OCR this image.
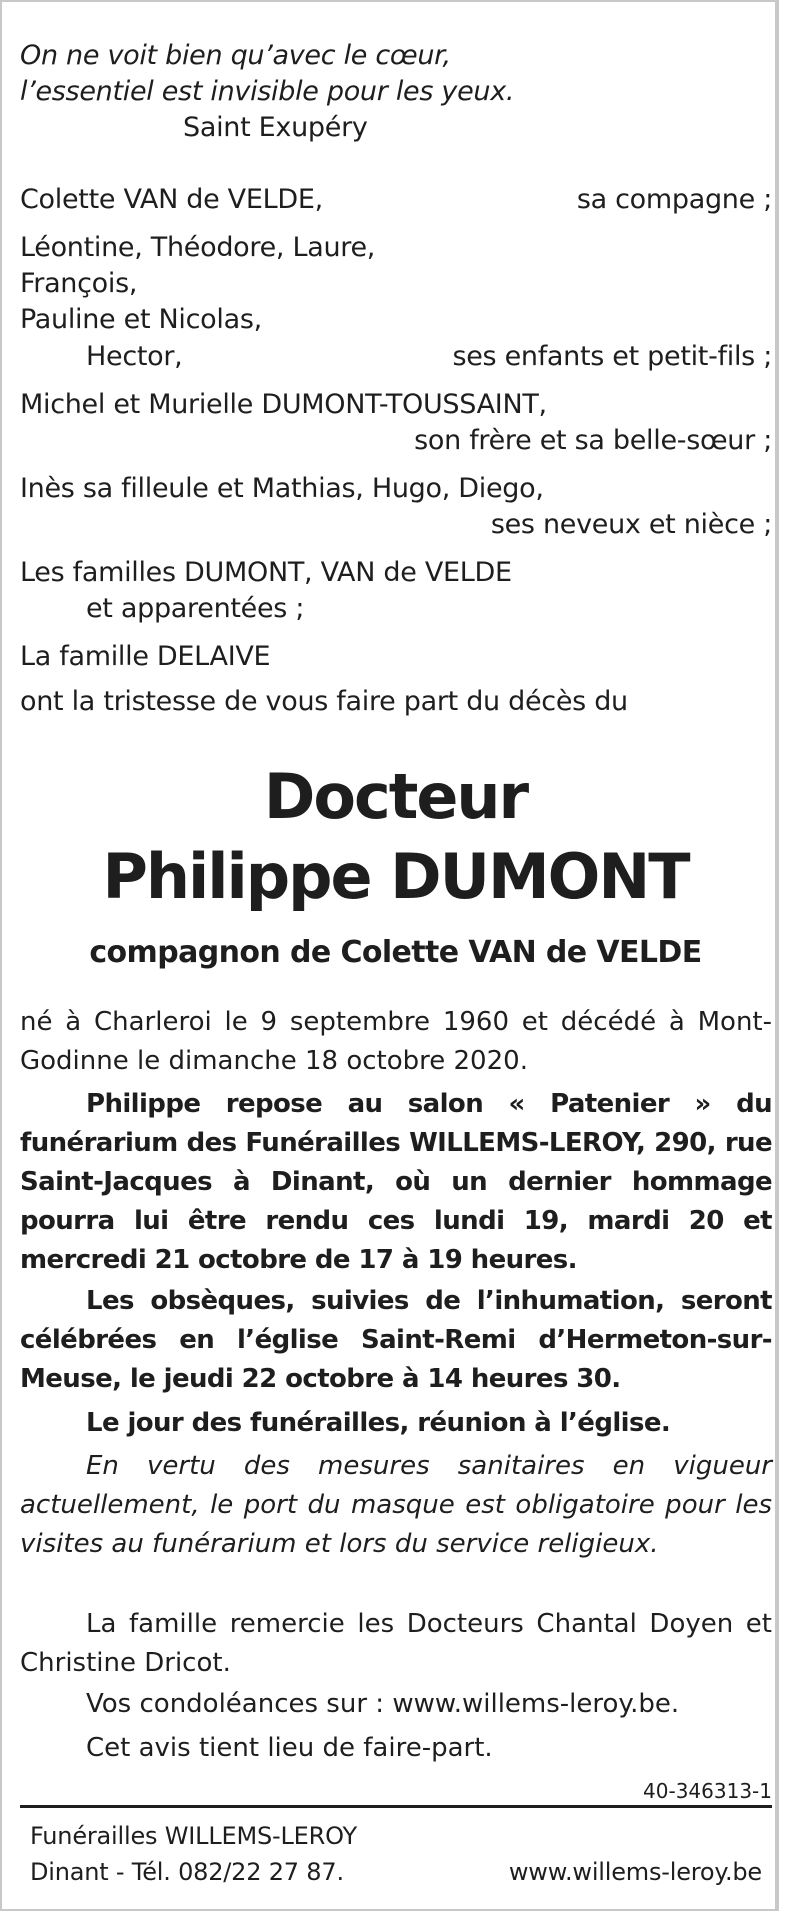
On ne voit bien qu’avec le cœur,
l’essentiel est invisible pour les yeux.
Saint Exupéry
Colette VAN de VELDE,	sa compagne ;
Léontine, Théodore, Laure,
François,
Pauline et Nicolas,
Hector,	ses enfants et petit-fils ;
Michel et Murielle DUMONT-TOUSSAINT,
son frère et sa belle-sœur ;
Inès sa filleule et Mathias, Hugo, Diego,
ses neveux et nièce ;
Les familles DUMONT, VAN de VELDE
et apparentées ;
La famille DELAIVE
ont la tristesse de vous faire part du décès du
Docteur
Philippe DUMONT
compagnon de Colette VAN de VELDE
né à Charleroi le 9 septembre 1960 et décédé à Mont-Godinne le dimanche 18 octobre 2020.
Philippe repose au salon « Patenier » du funérarium des Funérailles WILLEMS-LEROY, 290, rue Saint-Jacques à Dinant, où un dernier hommage pourra lui être rendu ces lundi 19, mardi 20 et mercredi 21 octobre de 17 à 19 heures.
Les obsèques, suivies de l’inhumation, seront célébrées en l’église Saint-Remi d’Hermeton-sur-Meuse, le jeudi 22 octobre à 14 heures 30.
Le jour des funérailles, réunion à l’église.
En vertu des mesures sanitaires en vigueur actuellement, le port du masque est obligatoire pour les visites au funérarium et lors du service religieux.
La famille remercie les Docteurs Chantal Doyen et Christine Dricot.
Vos condoléances sur : www.willems-leroy.be.
Cet avis tient lieu de faire-part.
40-346313-1
Funérailles WILLEMS-LEROY
Dinant - Tél. 082/22 27 87.	www.willems-leroy.be
